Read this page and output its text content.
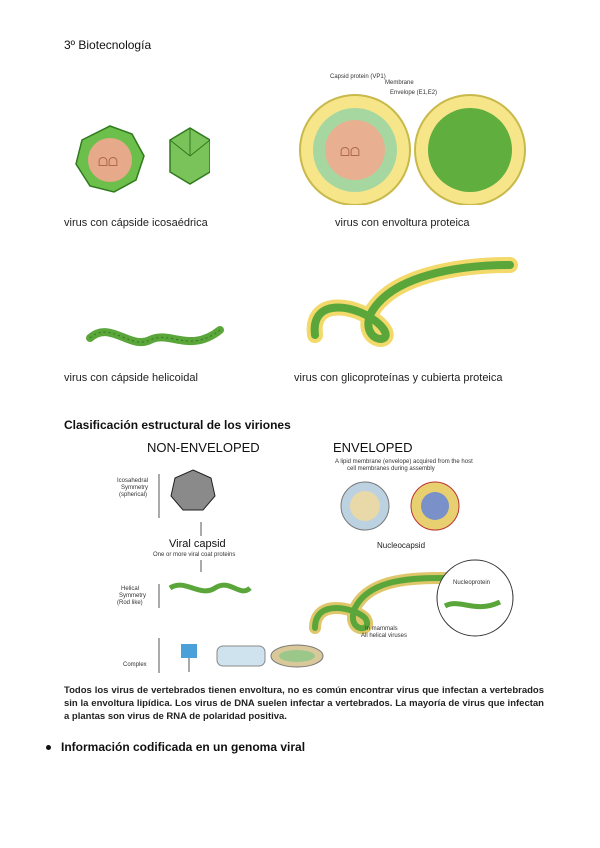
3º Biotecnología
ᗝᗝ
virus con cápside icosaédrica
ᗝᗝ
Capsid protein (VP1)
Membrane
Envelope (E1,E2)
virus con envoltura proteica
virus con cápside helicoidal	virus con glicoproteínas y cubierta proteica
Clasificación estructural de los viriones
NON-ENVELOPED	ENVELOPED
A lipid membrane (envelope) acquired from the host
cell membranes during assembly
Icosahedral
Symmetry
(spherical)
Viral capsid
One or more viral coat proteins
Helical
Symmetry
(Rod like)
Complex
Nucleocapsid
Nucleoprotein
In mammals
All helical viruses
Todos los virus de vertebrados tienen envoltura, no es común encontrar virus que infectan a vertebrados sin la envoltura lipídica. Los virus de DNA suelen infectar a vertebrados. La mayoría de virus que infectan a plantas son virus de RNA de polaridad positiva.
Información codificada en un genoma viral
